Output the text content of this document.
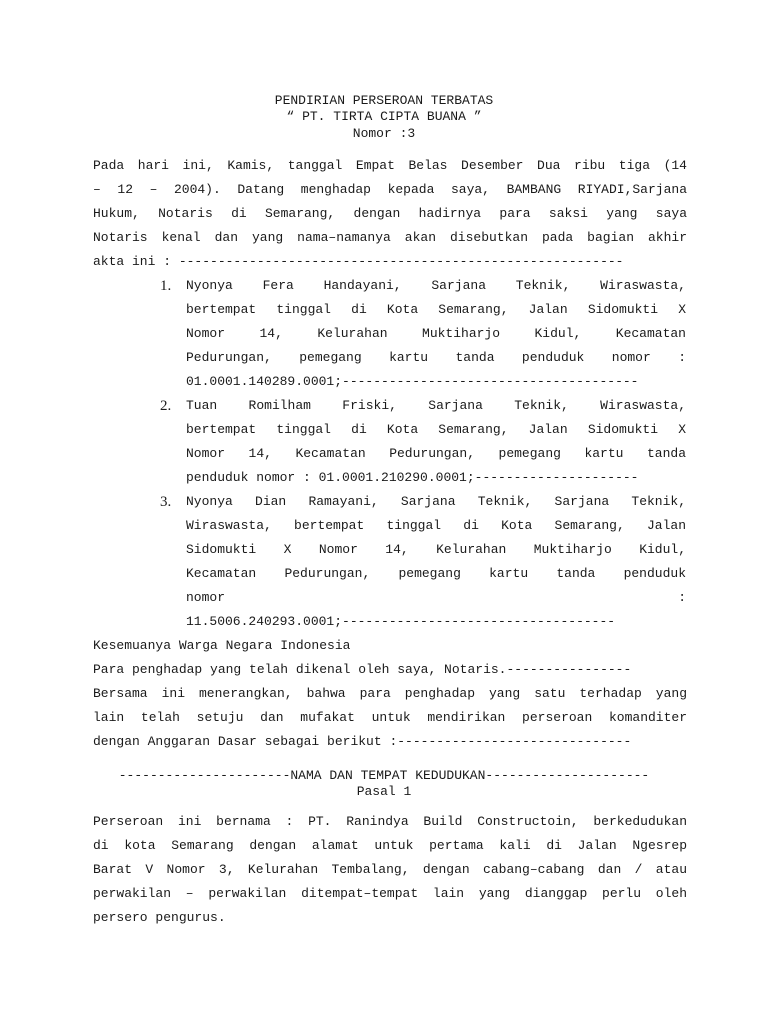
PENDIRIAN PERSEROAN TERBATAS
“ PT. TIRTA CIPTA BUANA ”
Nomor :3
Pada hari ini, Kamis, tanggal Empat Belas Desember Dua ribu tiga (14
– 12 – 2004). Datang menghadap kepada saya, BAMBANG RIYADI,Sarjana
Hukum, Notaris di Semarang, dengan hadirnya para saksi yang saya
Notaris kenal dan yang nama–namanya akan disebutkan pada bagian akhir
akta ini : ---------------------------------------------------------
1.	Nyonya Fera Handayani, Sarjana Teknik, Wiraswasta,
bertempat tinggal di Kota Semarang, Jalan Sidomukti X
Nomor 14, Kelurahan Muktiharjo Kidul, Kecamatan
Pedurungan, pemegang kartu tanda penduduk nomor :
01.0001.140289.0001;--------------------------------------
2.	Tuan Romilham Friski, Sarjana Teknik, Wiraswasta,
bertempat tinggal di Kota Semarang, Jalan Sidomukti X
Nomor 14, Kecamatan Pedurungan, pemegang kartu tanda
penduduk nomor : 01.0001.210290.0001;---------------------
3.	Nyonya Dian Ramayani, Sarjana Teknik, Sarjana Teknik,
Wiraswasta, bertempat tinggal di Kota Semarang, Jalan
Sidomukti X Nomor 14, Kelurahan Muktiharjo Kidul,
Kecamatan Pedurungan, pemegang kartu tanda penduduk
nomor :
11.5006.240293.0001;-----------------------------------
Kesemuanya Warga Negara Indonesia
Para penghadap yang telah dikenal oleh saya, Notaris.----------------
Bersama ini menerangkan, bahwa para penghadap yang satu terhadap yang
lain telah setuju dan mufakat untuk mendirikan perseroan komanditer
dengan Anggaran Dasar sebagai berikut :------------------------------
----------------------NAMA DAN TEMPAT KEDUDUKAN---------------------
Pasal 1
Perseroan ini bernama : PT. Ranindya Build Constructoin, berkedudukan
di kota Semarang dengan alamat untuk pertama kali di Jalan Ngesrep
Barat V Nomor 3, Kelurahan Tembalang, dengan cabang–cabang dan / atau
perwakilan – perwakilan ditempat–tempat lain yang dianggap perlu oleh
persero pengurus.
